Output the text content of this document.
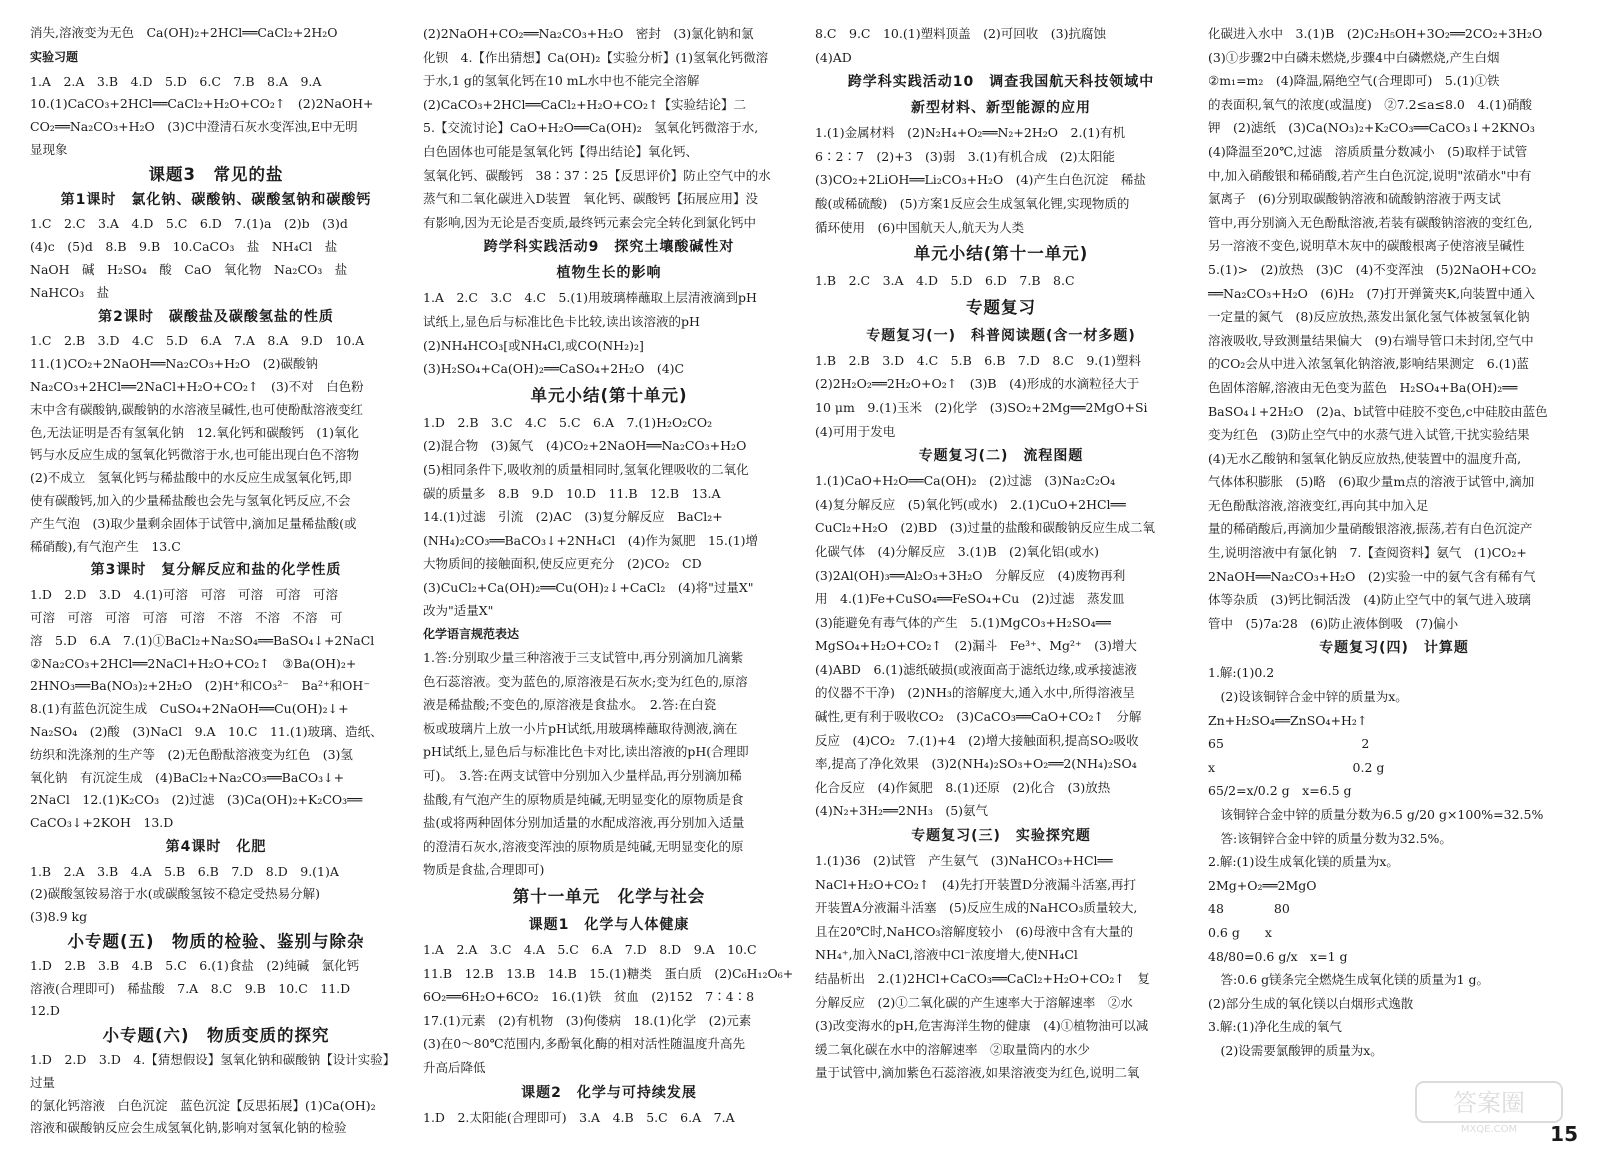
消失,溶液变为无色　Ca(OH)₂+2HCl══CaCl₂+2H₂O

实验习题

1.A　2.A　3.B　4.D　5.D　6.C　7.B　8.A　9.A

10.(1)CaCO₃+2HCl══CaCl₂+H₂O+CO₂↑　(2)2NaOH+

CO₂══Na₂CO₃+H₂O　(3)C中澄清石灰水变浑浊,E中无明

显现象

课题3　常见的盐
第1课时　氯化钠、碳酸钠、碳酸氢钠和碳酸钙

1.C　2.C　3.A　4.D　5.C　6.D　7.(1)a　(2)b　(3)d

(4)c　(5)d　8.B　9.B　10.CaCO₃　盐　NH₄Cl　盐

NaOH　碱　H₂SO₄　酸　CaO　氧化物　Na₂CO₃　盐

NaHCO₃　盐

第2课时　碳酸盐及碳酸氢盐的性质

1.C　2.B　3.D　4.C　5.D　6.A　7.A　8.A　9.D　10.A

11.(1)CO₂+2NaOH══Na₂CO₃+H₂O　(2)碳酸钠

Na₂CO₃+2HCl══2NaCl+H₂O+CO₂↑　(3)不对　白色粉

末中含有碳酸钠,碳酸钠的水溶液呈碱性,也可使酚酞溶液变红

色,无法证明是否有氢氧化钠　12.氧化钙和碳酸钙　(1)氧化

钙与水反应生成的氢氧化钙微溶于水,也可能出现白色不溶物

(2)不成立　氢氧化钙与稀盐酸中的水反应生成氢氧化钙,即

使有碳酸钙,加入的少量稀盐酸也会先与氢氧化钙反应,不会

产生气泡　(3)取少量剩余固体于试管中,滴加足量稀盐酸(或

稀硝酸),有气泡产生　13.C

第3课时　复分解反应和盐的化学性质

1.D　2.D　3.D　4.(1)可溶　可溶　可溶　可溶　可溶

可溶　可溶　可溶　可溶　可溶　不溶　不溶　不溶　可

溶　5.D　6.A　7.(1)①BaCl₂+Na₂SO₄══BaSO₄↓+2NaCl

②Na₂CO₃+2HCl══2NaCl+H₂O+CO₂↑　③Ba(OH)₂+

2HNO₃══Ba(NO₃)₂+2H₂O　(2)H⁺和CO₃²⁻　Ba²⁺和OH⁻

8.(1)有蓝色沉淀生成　CuSO₄+2NaOH══Cu(OH)₂↓+

Na₂SO₄　(2)酸　(3)NaCl　9.A　10.C　11.(1)玻璃、造纸、

纺织和洗涤剂的生产等　(2)无色酚酞溶液变为红色　(3)氢

氧化钠　有沉淀生成　(4)BaCl₂+Na₂CO₃══BaCO₃↓+

2NaCl　12.(1)K₂CO₃　(2)过滤　(3)Ca(OH)₂+K₂CO₃══

CaCO₃↓+2KOH　13.D

第4课时　化肥

1.B　2.A　3.B　4.A　5.B　6.B　7.D　8.D　9.(1)A

(2)碳酸氢铵易溶于水(或碳酸氢铵不稳定受热易分解)

(3)8.9 kg

小专题(五)　物质的检验、鉴别与除杂

1.D　2.B　3.B　4.B　5.C　6.(1)食盐　(2)纯碱　氯化钙

溶液(合理即可)　稀盐酸　7.A　8.C　9.B　10.C　11.D

12.D

小专题(六)　物质变质的探究

1.D　2.D　3.D　4.【猜想假设】氢氧化钠和碳酸钠【设计实验】过量

的氯化钙溶液　白色沉淀　蓝色沉淀【反思拓展】(1)Ca(OH)₂

溶液和碳酸钠反应会生成氢氧化钠,影响对氢氧化钠的检验

(2)2NaOH+CO₂══Na₂CO₃+H₂O　密封　(3)氯化钠和氯

化钡　4.【作出猜想】Ca(OH)₂【实验分析】(1)氢氧化钙微溶

于水,1 g的氢氧化钙在10 mL水中也不能完全溶解

(2)CaCO₃+2HCl══CaCl₂+H₂O+CO₂↑【实验结论】二

5.【交流讨论】CaO+H₂O══Ca(OH)₂　氢氧化钙微溶于水,

白色固体也可能是氢氧化钙【得出结论】氧化钙、

氢氧化钙、碳酸钙　38∶37∶25【反思评价】防止空气中的水

蒸气和二氧化碳进入D装置　氧化钙、碳酸钙【拓展应用】没

有影响,因为无论是否变质,最终钙元素会完全转化到氯化钙中

跨学科实践活动9　探究土壤酸碱性对
植物生长的影响

1.A　2.C　3.C　4.C　5.(1)用玻璃棒蘸取上层清液滴到pH

试纸上,显色后与标准比色卡比较,读出该溶液的pH

(2)NH₄HCO₃[或NH₄Cl,或CO(NH₂)₂]

(3)H₂SO₄+Ca(OH)₂══CaSO₄+2H₂O　(4)C

单元小结(第十单元)

1.D　2.B　3.C　4.C　5.C　6.A　7.(1)H₂O₂CO₂

(2)混合物　(3)氮气　(4)CO₂+2NaOH══Na₂CO₃+H₂O

(5)相同条件下,吸收剂的质量相同时,氢氧化锂吸收的二氧化

碳的质量多　8.B　9.D　10.D　11.B　12.B　13.A

14.(1)过滤　引流　(2)AC　(3)复分解反应　BaCl₂+

(NH₄)₂CO₃══BaCO₃↓+2NH₄Cl　(4)作为氮肥　15.(1)增

大物质间的接触面积,使反应更充分　(2)CO₂　CD

(3)CuCl₂+Ca(OH)₂══Cu(OH)₂↓+CaCl₂　(4)将"过量X"

改为"适量X"

化学语言规范表达

1.答:分别取少量三种溶液于三支试管中,再分别滴加几滴紫

色石蕊溶液。变为蓝色的,原溶液是石灰水;变为红色的,原溶

液是稀盐酸;不变色的,原溶液是食盐水。　2.答:在白瓷

板或玻璃片上放一小片pH试纸,用玻璃棒蘸取待测液,滴在

pH试纸上,显色后与标准比色卡对比,读出溶液的pH(合理即

可)。　3.答:在两支试管中分别加入少量样品,再分别滴加稀

盐酸,有气泡产生的原物质是纯碱,无明显变化的原物质是食

盐(或将两种固体分别加适量的水配成溶液,再分别加入适量

的澄清石灰水,溶液变浑浊的原物质是纯碱,无明显变化的原

物质是食盐,合理即可)

第十一单元　化学与社会
课题1　化学与人体健康

1.A　2.A　3.C　4.A　5.C　6.A　7.D　8.D　9.A　10.C

11.B　12.B　13.B　14.B　15.(1)糖类　蛋白质　(2)C₆H₁₂O₆+

6O₂══6H₂O+6CO₂　16.(1)铁　贫血　(2)152　7∶4∶8

17.(1)元素　(2)有机物　(3)佝偻病　18.(1)化学　(2)元素

(3)在0～80℃范围内,多酚氧化酶的相对活性随温度升高先

升高后降低

课题2　化学与可持续发展

1.D　2.太阳能(合理即可)　3.A　4.B　5.C　6.A　7.A

8.C　9.C　10.(1)塑料顶盖　(2)可回收　(3)抗腐蚀

(4)AD

跨学科实践活动10　调查我国航天科技领域中
新型材料、新型能源的应用

1.(1)金属材料　(2)N₂H₄+O₂══N₂+2H₂O　2.(1)有机

6∶2∶7　(2)+3　(3)弱　3.(1)有机合成　(2)太阳能

(3)CO₂+2LiOH══Li₂CO₃+H₂O　(4)产生白色沉淀　稀盐

酸(或稀硫酸)　(5)方案1反应会生成氢氧化锂,实现物质的

循环使用　(6)中国航天人,航天为人类

单元小结(第十一单元)

1.B　2.C　3.A　4.D　5.D　6.D　7.B　8.C

专题复习
专题复习(一)　科普阅读题(含一材多题)

1.B　2.B　3.D　4.C　5.B　6.B　7.D　8.C　9.(1)塑料

(2)2H₂O₂══2H₂O+O₂↑　(3)B　(4)形成的水滴粒径大于

10 μm　9.(1)玉米　(2)化学　(3)SO₂+2Mg══2MgO+Si

(4)可用于发电

专题复习(二)　流程图题

1.(1)CaO+H₂O══Ca(OH)₂　(2)过滤　(3)Na₂C₂O₄

(4)复分解反应　(5)氧化钙(或水)　2.(1)CuO+2HCl══

CuCl₂+H₂O　(2)BD　(3)过量的盐酸和碳酸钠反应生成二氧

化碳气体　(4)分解反应　3.(1)B　(2)氧化铝(或水)

(3)2Al(OH)₃══Al₂O₃+3H₂O　分解反应　(4)废物再利

用　4.(1)Fe+CuSO₄══FeSO₄+Cu　(2)过滤　蒸发皿

(3)能避免有毒气体的产生　5.(1)MgCO₃+H₂SO₄══

MgSO₄+H₂O+CO₂↑　(2)漏斗　Fe³⁺、Mg²⁺　(3)增大

(4)ABD　6.(1)滤纸破损(或液面高于滤纸边缘,或承接滤液

的仪器不干净)　(2)NH₃的溶解度大,通入水中,所得溶液呈

碱性,更有利于吸收CO₂　(3)CaCO₃══CaO+CO₂↑　分解

反应　(4)CO₂　7.(1)+4　(2)增大接触面积,提高SO₂吸收

率,提高了净化效果　(3)2(NH₄)₂SO₃+O₂══2(NH₄)₂SO₄

化合反应　(4)作氮肥　8.(1)还原　(2)化合　(3)放热

(4)N₂+3H₂══2NH₃　(5)氨气

专题复习(三)　实验探究题

1.(1)36　(2)试管　产生氨气　(3)NaHCO₃+HCl══

NaCl+H₂O+CO₂↑　(4)先打开装置D分液漏斗活塞,再打

开装置A分液漏斗活塞　(5)反应生成的NaHCO₃质量较大,

且在20℃时,NaHCO₃溶解度较小　(6)母液中含有大量的

NH₄⁺,加入NaCl,溶液中Cl⁻浓度增大,使NH₄Cl

结晶析出　2.(1)2HCl+CaCO₃══CaCl₂+H₂O+CO₂↑　复

分解反应　(2)①二氧化碳的产生速率大于溶解速率　②水

(3)改变海水的pH,危害海洋生物的健康　(4)①植物油可以减

缓二氧化碳在水中的溶解速率　②取量筒内的水少

量于试管中,滴加紫色石蕊溶液,如果溶液变为红色,说明二氧

化碳进入水中　3.(1)B　(2)C₂H₅OH+3O₂══2CO₂+3H₂O

(3)①步骤2中白磷未燃烧,步骤4中白磷燃烧,产生白烟

②m₁=m₂　(4)降温,隔绝空气(合理即可)　5.(1)①铁

的表面积,氧气的浓度(或温度)　②7.2≤a≤8.0　4.(1)硝酸

钾　(2)滤纸　(3)Ca(NO₃)₂+K₂CO₃══CaCO₃↓+2KNO₃

(4)降温至20℃,过滤　溶质质量分数减小　(5)取样于试管

中,加入硝酸银和稀硝酸,若产生白色沉淀,说明"浓硝水"中有

氯离子　(6)分别取碳酸钠溶液和硫酸钠溶液于两支试

管中,再分别滴入无色酚酞溶液,若装有碳酸钠溶液的变红色,

另一溶液不变色,说明草木灰中的碳酸根离子使溶液呈碱性

5.(1)>　(2)放热　(3)C　(4)不变浑浊　(5)2NaOH+CO₂

══Na₂CO₃+H₂O　(6)H₂　(7)打开弹簧夹K,向装置中通入

一定量的氮气　(8)反应放热,蒸发出氯化氢气体被氢氧化钠

溶液吸收,导致测量结果偏大　(9)右端导管口未封闭,空气中

的CO₂会从中进入浓氢氧化钠溶液,影响结果测定　6.(1)蓝

色固体溶解,溶液由无色变为蓝色　H₂SO₄+Ba(OH)₂══

BaSO₄↓+2H₂O　(2)a、b试管中硅胶不变色,c中硅胶由蓝色

变为红色　(3)防止空气中的水蒸气进入试管,干扰实验结果

(4)无水乙酸钠和氢氧化钠反应放热,使装置中的温度升高,

气体体积膨胀　(5)略　(6)取少量m点的溶液于试管中,滴加

无色酚酞溶液,溶液变红,再向其中加入足

量的稀硝酸后,再滴加少量硝酸银溶液,振荡,若有白色沉淀产

生,说明溶液中有氯化钠　7.【查阅资料】氨气　(1)CO₂+

2NaOH══Na₂CO₃+H₂O　(2)实验一中的氨气含有稀有气

体等杂质　(3)钙比铜活泼　(4)防止空气中的氧气进入玻璃

管中　(5)7a∶28　(6)防止液体倒吸　(7)偏小

专题复习(四)　计算题

1.解:(1)0.2

　(2)设该铜锌合金中锌的质量为x。

Zn+H₂SO₄══ZnSO₄+H₂↑

65　　　　　　　　　　　2

x　　　　　　　　　　　0.2 g

65/2=x/0.2 g　x=6.5 g

　该铜锌合金中锌的质量分数为6.5 g/20 g×100%=32.5%

　答:该铜锌合金中锌的质量分数为32.5%。

2.解:(1)设生成氧化镁的质量为x。

2Mg+O₂══2MgO

48　　　　80

0.6 g　　x

48/80=0.6 g/x　x=1 g

　答:0.6 g镁条完全燃烧生成氧化镁的质量为1 g。

(2)部分生成的氧化镁以白烟形式逸散

3.解:(1)净化生成的氧气

　(2)设需要氯酸钾的质量为x。

答案圈
MXQE.COM 15
